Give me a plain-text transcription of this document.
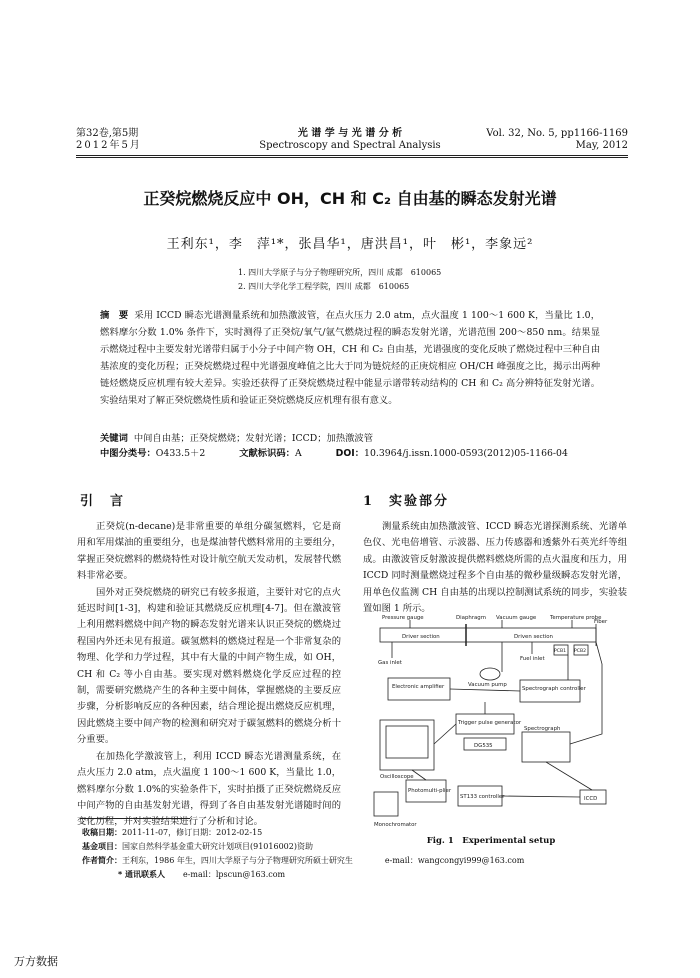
第32卷,第5期
2012年5月
光 谱 学 与 光 谱 分 析
Spectroscopy and Spectral Analysis
Vol. 32, No. 5, pp1166-1169
May, 2012
正癸烷燃烧反应中 OH，CH 和 C₂ 自由基的瞬态发射光谱
王利东¹，李　萍¹*，张昌华¹，唐洪昌¹，叶　彬¹，李象远²
1. 四川大学原子与分子物理研究所，四川 成都　610065
2. 四川大学化学工程学院，四川 成都　610065
摘　要 采用 ICCD 瞬态光谱测量系统和加热激波管，在点火压力 2.0 atm，点火温度 1 100～1 600 K，当量比 1.0，燃料摩尔分数 1.0% 条件下，实时测得了正癸烷/氧气/氩气燃烧过程的瞬态发射光谱，光谱范围 200～850 nm。结果显示燃烧过程中主要发射光谱带归属于小分子中间产物 OH，CH 和 C₂ 自由基，光谱强度的变化反映了燃烧过程中三种自由基浓度的变化历程；正癸烷燃烧过程中光谱强度峰值之比大于同为链烷烃的正庚烷相应 OH/CH 峰强度之比，揭示出两种链烃燃烧反应机理有较大差异。实验还获得了正癸烷燃烧过程中能显示谱带转动结构的 CH 和 C₂ 高分辨特征发射光谱。实验结果对了解正癸烷燃烧性质和验证正癸烷燃烧反应机理有很有意义。
关键词 中间自由基；正癸烷燃烧；发射光谱；ICCD；加热激波管
中图分类号：O433.5＋2	文献标识码：A	DOI：10.3964/j.issn.1000-0593(2012)05-1166-04
引　言	1　实验部分

正癸烷(n-decane)是非常重要的单组分碳氢燃料，它是商用和军用煤油的重要组分，也是煤油替代燃料常用的主要组分，掌握正癸烷燃料的燃烧特性对设计航空航天发动机，发展替代燃料非常必要。

国外对正癸烷燃烧的研究已有较多报道，主要针对它的点火延迟时间[1-3]，构建和验证其燃烧反应机理[4-7]。但在激波管上利用燃料燃烧中间产物的瞬态发射光谱来认识正癸烷的燃烧过程国内外还未见有报道。碳氢燃料的燃烧过程是一个非常复杂的物理、化学和力学过程，其中有大量的中间产物生成，如 OH，CH 和 C₂ 等小自由基。要实现对燃料燃烧化学反应过程的控制，需要研究燃烧产生的各种主要中间体，掌握燃烧的主要反应步骤，分析影响反应的各种因素，结合理论提出燃烧反应机理，因此燃烧主要中间产物的检测和研究对于碳氢燃料的燃烧分析十分重要。

在加热化学激波管上，利用 ICCD 瞬态光谱测量系统，在点火压力 2.0 atm，点火温度 1 100～1 600 K，当量比 1.0，燃料摩尔分数 1.0%的实验条件下，实时拍摄了正癸烷燃烧反应中间产物的自由基发射光谱，得到了各自由基发射光谱随时间的变化历程，并对实验结果进行了分析和讨论。

测量系统由加热激波管、ICCD 瞬态光谱探测系统、光谱单色仪、光电倍增管、示波器、压力传感器和透紫外石英光纤等组成。由激波管反射激波提供燃料燃烧所需的点火温度和压力，用 ICCD 同时测量燃烧过程多个自由基的微秒量级瞬态发射光谱，用单色仪监测 CH 自由基的出现以控制测试系统的同步，实验装置如图 1 所示。

Pressure gauge	Diaphragm Vacuum gauge	Temperature probe
Fiber
Driver section	Driven section
PCB1 PCB2
Gas inlet
Fuel inlet
Vacuum pump
Electronic amplifier	Spectrograph controller
Trigger pulse generator
DG535
Oscilloscope
Spectrograph
Photomulti-plier
ST133 controller	ICCD
Monochromator
Fig. 1　Experimental setup
收稿日期：2011-11-07，修订日期：2012-02-15
基金项目：国家自然科学基金重大研究计划项目(91016002)资助
作者简介：王利东，1986 年生，四川大学原子与分子物理研究所硕士研究生	e-mail：wangcongyi999@163.com
* 通讯联系人 e-mail：lpscun@163.com
万方数据
